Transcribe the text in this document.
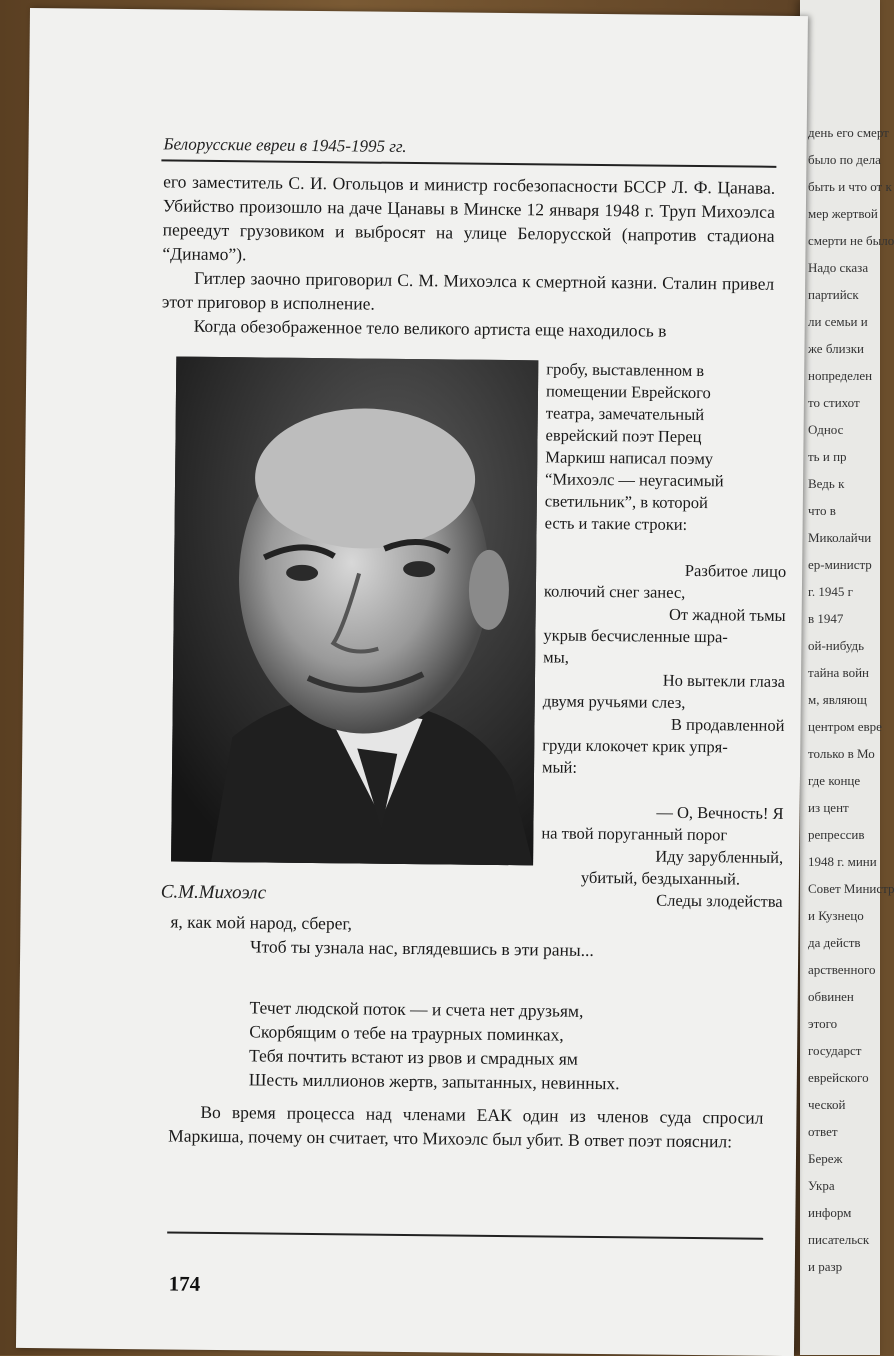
день его смерт
было по дела
быть и что от к
мер жертвой
смерти не было
Надо сказа
партийск
ли семьи и
же близки
нопределен
то стихот
Однос
ть и пр
Ведь к
что в
Миколайчи
ер-министр
г. 1945 г
в 1947
ой-нибудь
тайна войн
м, являющ
центром евре
только в Мо
где конце
из цент
репрессив
1948 г. мини
Совет Министр
и Кузнецо
да действ
арственного
обвинен
этого
государст
еврейского
ческой
ответ
Береж
Укра
информ
писательск
и разр
Белорусские евреи в 1945-1995 гг.

его заместитель С. И. Огольцов и министр госбезопасности БССР Л. Ф. Цанава. Убийство произошло на даче Цанавы в Минске 12 января 1948 г. Труп Михоэлса переедут грузовиком и выбросят на улице Белорусской (напротив стадиона “Динамо”).

Гитлер заочно приговорил С. М. Михоэлса к смертной казни. Сталин привел этот приговор в исполнение.

Когда обезображенное тело великого артиста еще находилось в

гробу, выставленном в
помещении Еврейского
театра, замечательный
еврейский поэт Перец
Маркиш написал поэму
“Михоэлс — неугасимый
светильник”, в которой
есть и такие строки:
Разбитое лицо
колючий снег занес,
От жадной тьмы
укрыв бесчисленные шра-
мы,
Но вытекли глаза
двумя ручьями слез,
В продавленной
груди клокочет крик упря-
мый:
— О, Вечность! Я
на твой поруганный порог
Иду зарубленный,
убитый, бездыханный.
Следы злодейства
С.М.Михоэлс
я, как мой народ, сберег,
Чтоб ты узнала нас, вглядевшись в эти раны...
Течет людской поток — и счета нет друзьям,
Скорбящим о тебе на траурных поминках,
Тебя почтить встают из рвов и смрадных ям
Шесть миллионов жертв, запытанных, невинных.

Во время процесса над членами ЕАК один из членов суда спросил Маркиша, почему он считает, что Михоэлс был убит. В ответ поэт пояснил:

174
